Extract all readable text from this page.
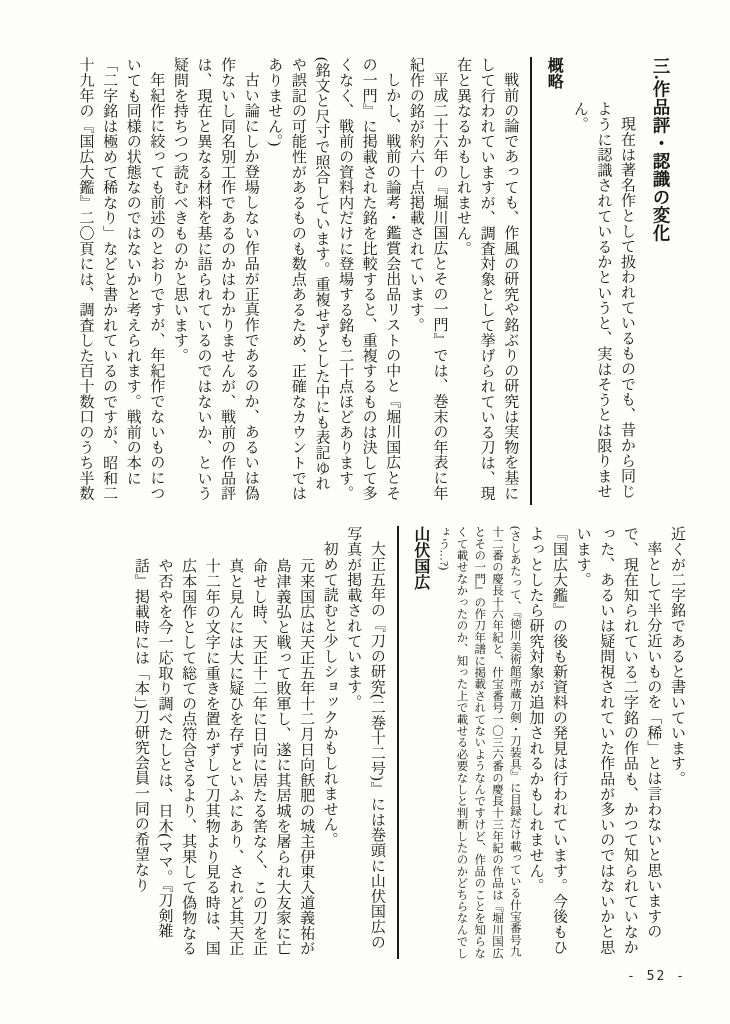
三.作品評・認識の変化

現在は著名作として扱われているものでも、昔から同じように認識されているかというと、実はそうとは限りません。

概略

戦前の論であっても、作風の研究や銘ぶりの研究は実物を基にして行われていますが、調査対象として挙げられている刀は、現在と異なるかもしれません。

平成二十六年の『堀川国広とその一門』では、巻末の年表に年紀作の銘が約六十点掲載されています。

しかし、戦前の論考・鑑賞会出品リストの中と『堀川国広とその一門』に掲載された銘を比較すると、重複するものは決して多くなく、戦前の資料内だけに登場する銘も二十点ほどあります。

(銘文と尺寸で照合しています。重複せずとした中にも表記ゆれや誤記の可能性があるものも数点あるため、正確なカウントではありません。)

古い論にしか登場しない作品が正真作であるのか、あるいは偽作ないし同名別工作であるのかはわかりませんが、戦前の作品評は、現在と異なる材料を基に語られているのではないか、という疑問を持ちつつ読むべきものかと思います。

年紀作に絞っても前述のとおりですが、年紀作でないものについても同様の状態なのではないかと考えられます。戦前の本に「二字銘は極めて稀なり」などと書かれているのですが、昭和二十九年の『国広大鑑』二〇頁には、調査した百十数口のうち半数

近くが二字銘であると書いています。

率として半分近いものを「稀」とは言わないと思いますので、現在知られている二字銘の作品も、かつて知られていなかった、あるいは疑問視されていた作品が多いのではないかと思います。

『国広大鑑』の後も新資料の発見は行われています。今後もひよっとしたら研究対象が追加されるかもしれません。

(さしあたって、『徳川美術館所蔵刀剣・刀装具』に目録だけ載っている什宝番号九十二番の慶長十六年紀と、什宝番号一〇三六番の慶長十三年紀の作品は『堀川国広とその一門』の作刀年譜に掲載されてないようなんですけど、作品のことを知らなくて載せなかったのか、知った上で載せる必要なしと判断したのかどちらなんでしょう…?)

山伏国広

大正五年の『刀の研究(二巻十二号)』には巻頭に山伏国広の写真が掲載されています。

初めて読むと少しショックかもしれません。

元来国広は天正五年十二月日向飫肥の城主伊東入道義祐が島津義弘と戦って敗軍し、遂に其居城を屠られ大友家に亡命せし時、天正十二年に日向に居たる筈なく、この刀を正真と見んには大に疑ひを存ずといふにあり、されど其天正十二年の文字に重きを置かずして刀其物より見る時は、国広本国作として総ての点符合さるより、其果して偽物なるや否やを今一応取り調べたしとは、日木(ママ。『刀剣雑話』掲載時には「本」)刀研究会員一同の希望なり

- 52 -
